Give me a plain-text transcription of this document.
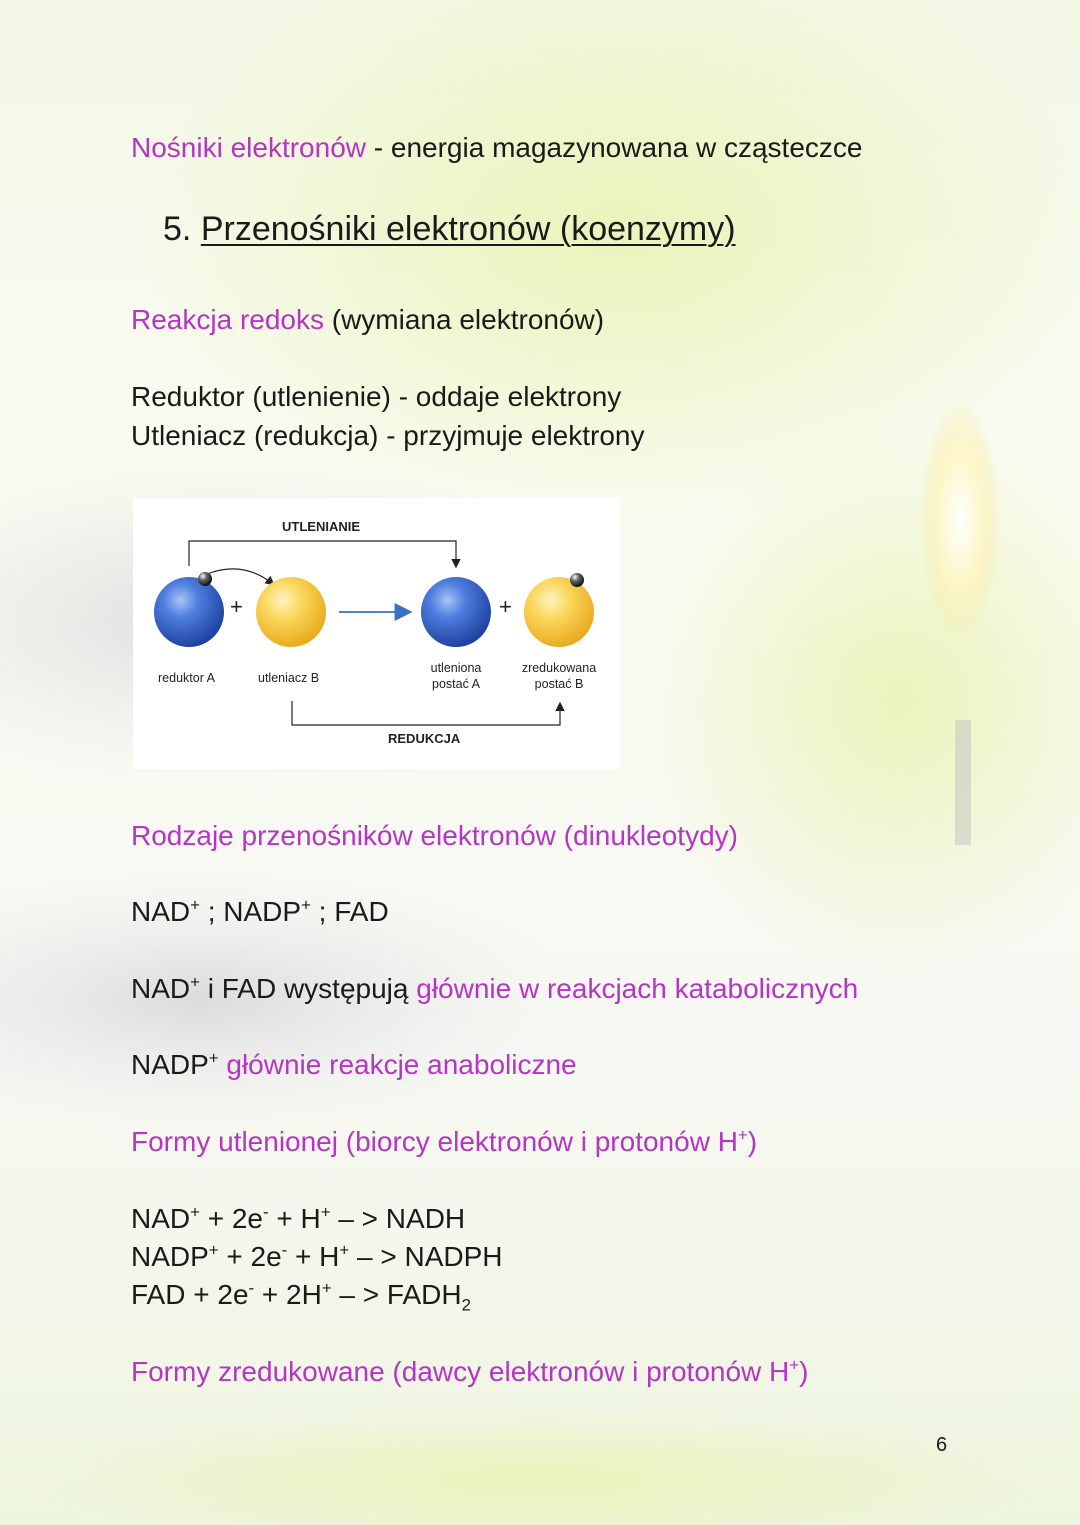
Nośniki elektronów - energia magazynowana w cząsteczce
5. Przenośniki elektronów (koenzymy)
Reakcja redoks (wymiana elektronów)
Reduktor (utlenienie) - oddaje elektrony
Utleniacz (redukcja) - przyjmuje elektrony
UTLENIANIE
REDUKCJA
+	+
reduktor A	utleniacz B
utleniona
postać A
zredukowana
postać B
Rodzaje przenośników elektronów (dinukleotydy)
NAD+ ; NADP+ ; FAD
NAD+ i FAD występują głównie w reakcjach katabolicznych
NADP+ głównie reakcje anaboliczne
Formy utlenionej (biorcy elektronów i protonów H+)
NAD+ + 2e- + H+ – > NADH
NADP+ + 2e- + H+ – > NADPH
FAD + 2e- + 2H+ – > $FADH_2$
Formy zredukowane (dawcy elektronów i protonów H+)
6
